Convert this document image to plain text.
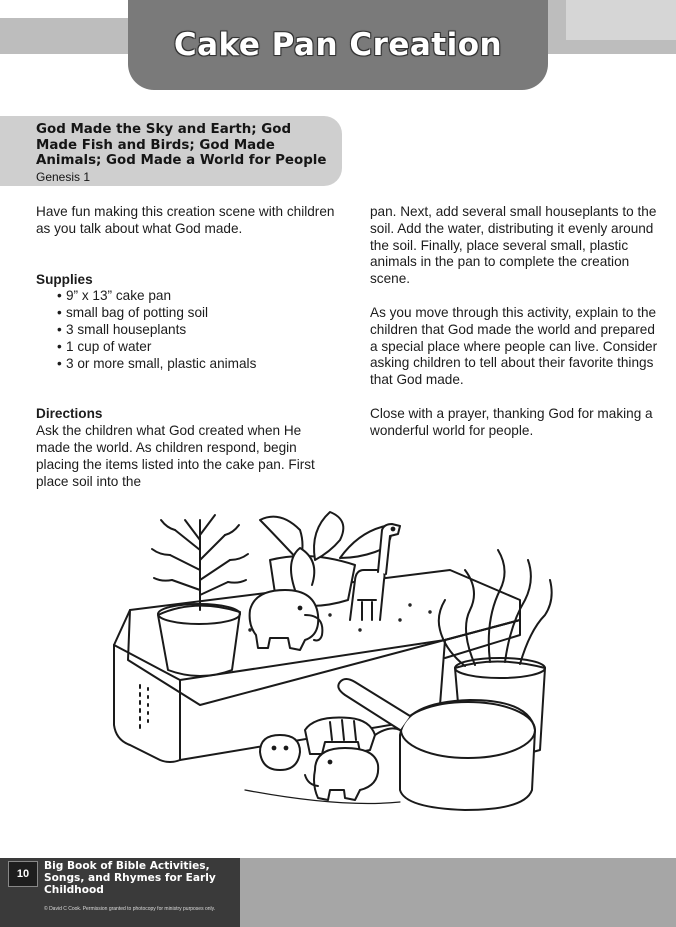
Cake Pan Creation
God Made the Sky and Earth; God Made Fish and Birds; God Made Animals; God Made a World for People
Genesis 1

Have fun making this creation scene with children as you talk about what God made.

Supplies

• 9” x 13” cake pan
• small bag of potting soil
• 3 small houseplants
• 1 cup of water
• 3 or more small, plastic animals

Directions

Ask the children what God created when He made the world. As children respond, begin placing the items listed into the cake pan. First place soil into the

pan. Next, add several small houseplants to the soil. Add the water, distributing it evenly around the soil. Finally, place several small, plastic animals in the pan to complete the creation scene.

As you move through this activity, explain to the children that God made the world and prepared a special place where people can live. Consider asking children to tell about their favorite things that God made.

Close with a prayer, thanking God for making a wonderful world for people.

10
Big Book of Bible Activities, Songs, and Rhymes for Early Childhood
© David C Cook. Permission granted to photocopy for ministry purposes only.
